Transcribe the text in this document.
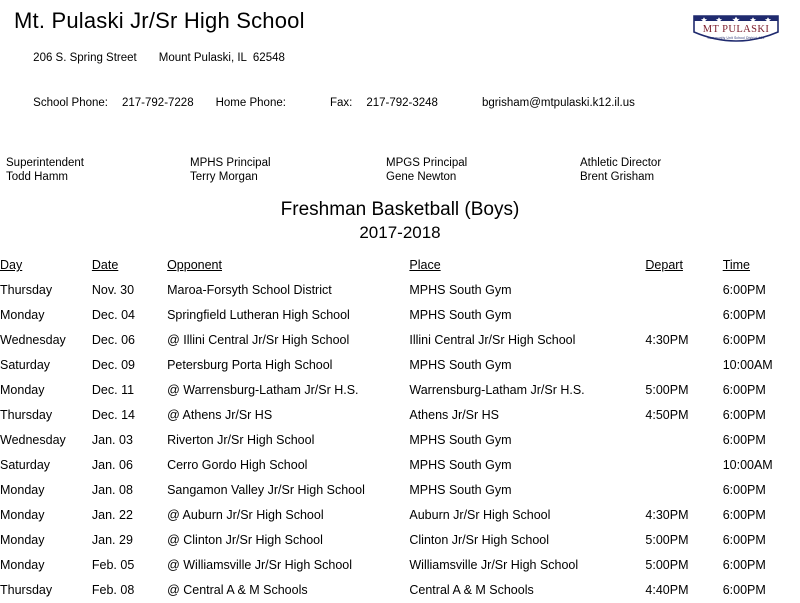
Mt. Pulaski Jr/Sr High School

206 S. Spring Street Mount Pulaski, IL  62548

School Phone: 217-792-7228 Home Phone:	Fax: 217-792-3248	bgrisham@mtpulaski.k12.il.us

MT PULASKI
Community Unit School District #23
Superintendent
Todd Hamm
MPHS Principal
Terry Morgan
MPGS Principal
Gene Newton
Athletic Director
Brent Grisham
Freshman Basketball (Boys)
2017-2018
Day	Date	Opponent	Place	Depart	Time
Thursday	Nov. 30	Maroa-Forsyth School District	MPHS South Gym		6:00PM
Monday	Dec. 04	Springfield Lutheran High School	MPHS South Gym		6:00PM
Wednesday	Dec. 06	@ Illini Central Jr/Sr High School	Illini Central Jr/Sr High School	4:30PM	6:00PM
Saturday	Dec. 09	Petersburg Porta High School	MPHS South Gym		10:00AM
Monday	Dec. 11	@ Warrensburg-Latham Jr/Sr H.S.	Warrensburg-Latham Jr/Sr H.S.	5:00PM	6:00PM
Thursday	Dec. 14	@ Athens Jr/Sr HS	Athens Jr/Sr HS	4:50PM	6:00PM
Wednesday	Jan. 03	Riverton Jr/Sr High School	MPHS South Gym		6:00PM
Saturday	Jan. 06	Cerro Gordo High School	MPHS South Gym		10:00AM
Monday	Jan. 08	Sangamon Valley Jr/Sr High School	MPHS South Gym		6:00PM
Monday	Jan. 22	@ Auburn Jr/Sr High School	Auburn Jr/Sr High School	4:30PM	6:00PM
Monday	Jan. 29	@ Clinton Jr/Sr High School	Clinton Jr/Sr High School	5:00PM	6:00PM
Monday	Feb. 05	@ Williamsville Jr/Sr High School	Williamsville Jr/Sr High School	5:00PM	6:00PM
Thursday	Feb. 08	@ Central A & M Schools	Central A & M Schools	4:40PM	6:00PM
